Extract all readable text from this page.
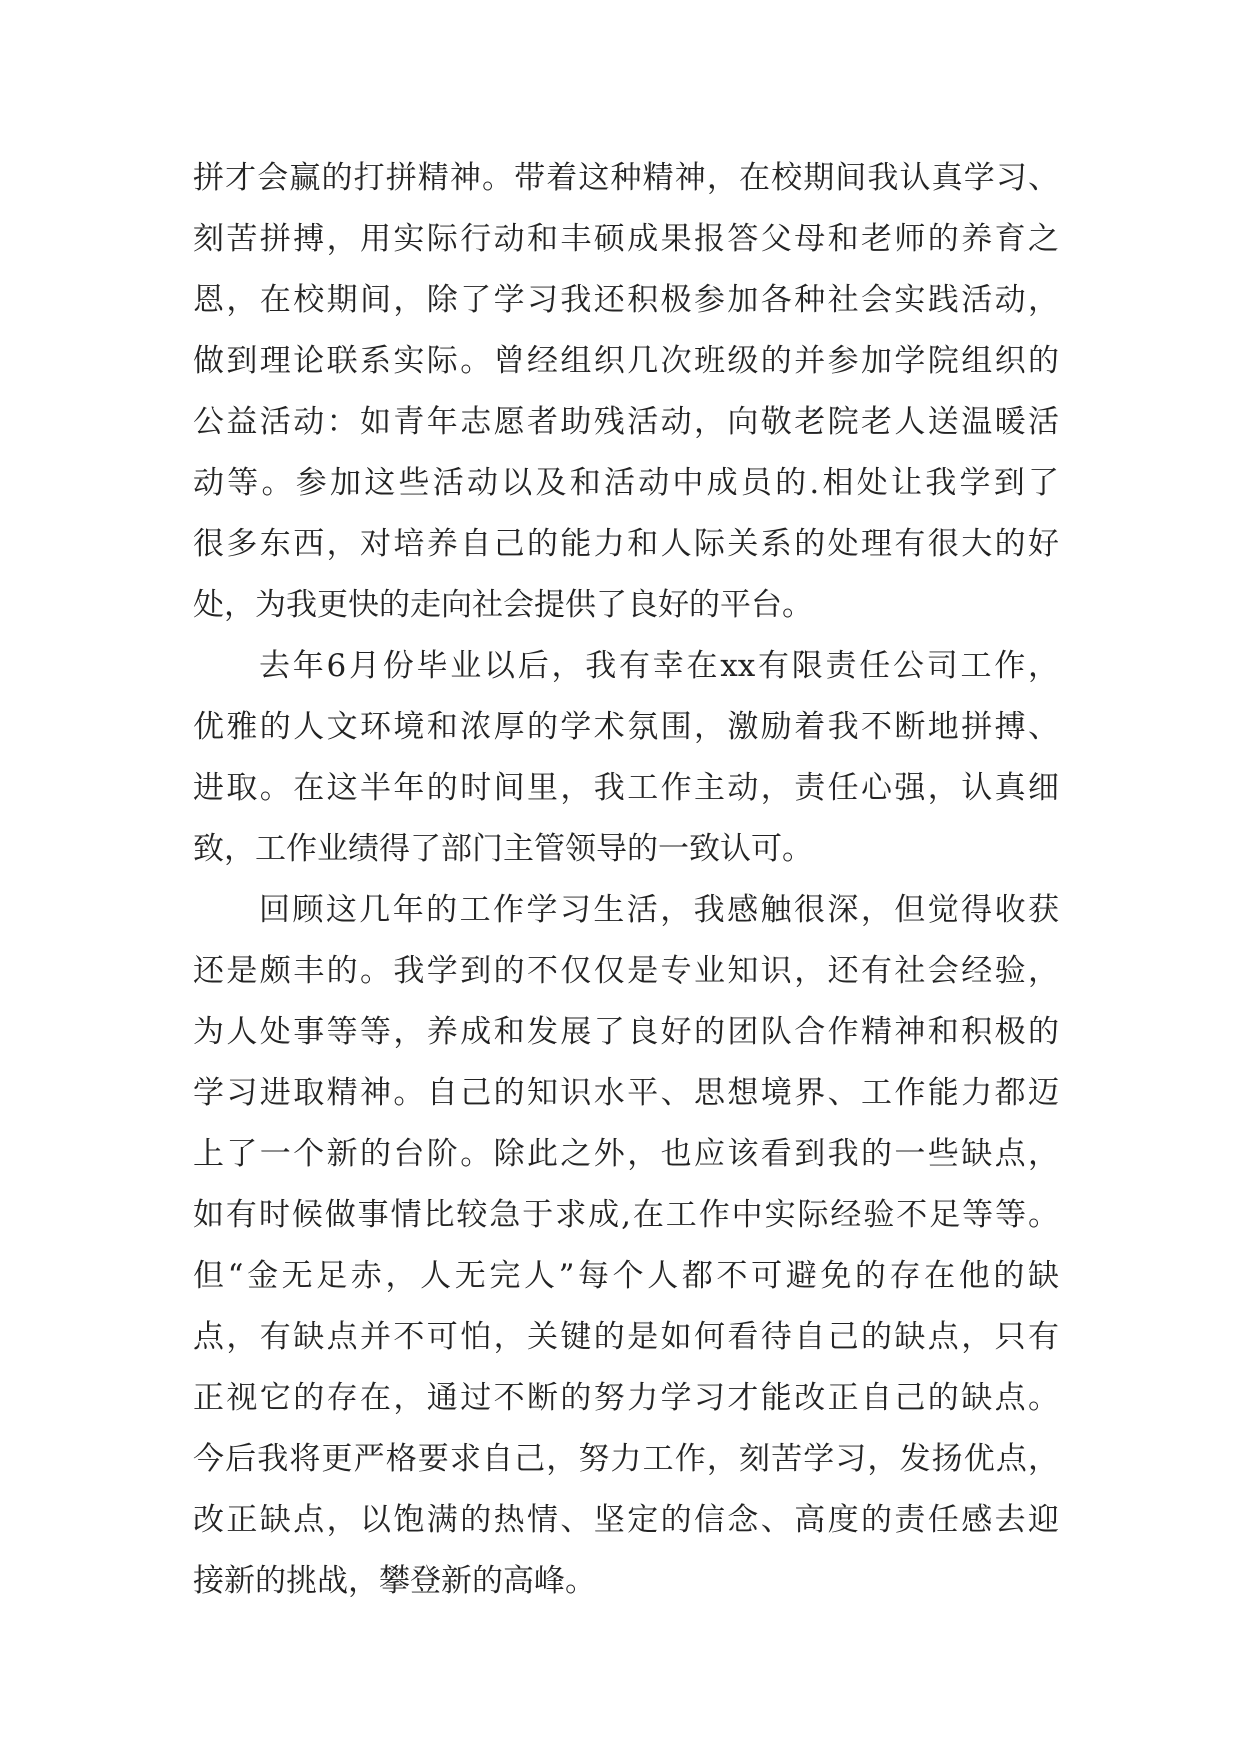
拼才会赢的打拼精神。带着这种精神，在校期间我认真学习、
刻苦拼搏，用实际行动和丰硕成果报答父母和老师的养育之
恩，在校期间，除了学习我还积极参加各种社会实践活动，
做到理论联系实际。曾经组织几次班级的并参加学院组织的
公益活动：如青年志愿者助残活动，向敬老院老人送温暖活
动等。参加这些活动以及和活动中成员的.相处让我学到了
很多东西，对培养自己的能力和人际关系的处理有很大的好
处，为我更快的走向社会提供了良好的平台。
去年6月份毕业以后，我有幸在xx有限责任公司工作，
优雅的人文环境和浓厚的学术氛围，激励着我不断地拼搏、
进取。在这半年的时间里，我工作主动，责任心强，认真细
致，工作业绩得了部门主管领导的一致认可。
回顾这几年的工作学习生活，我感触很深，但觉得收获
还是颇丰的。我学到的不仅仅是专业知识，还有社会经验，
为人处事等等，养成和发展了良好的团队合作精神和积极的
学习进取精神。自己的知识水平、思想境界、工作能力都迈
上了一个新的台阶。除此之外，也应该看到我的一些缺点，
如有时候做事情比较急于求成,在工作中实际经验不足等等。
但“金无足赤，人无完人”每个人都不可避免的存在他的缺
点，有缺点并不可怕，关键的是如何看待自己的缺点，只有
正视它的存在，通过不断的努力学习才能改正自己的缺点。
今后我将更严格要求自己，努力工作，刻苦学习，发扬优点，
改正缺点，以饱满的热情、坚定的信念、高度的责任感去迎
接新的挑战，攀登新的高峰。
